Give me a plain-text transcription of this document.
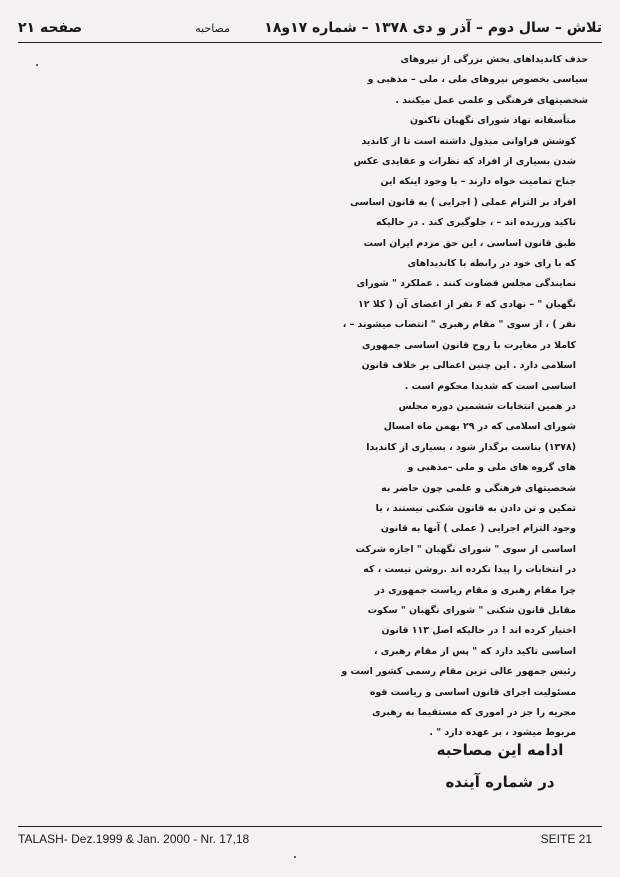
تلاش – سال دوم – آذر و دی ۱۳۷۸ – شماره ۱۷و۱۸
مصاحبه
صفحه ۲۱

حذف کاندیداهای بخش بزرگی از نیروهای
سیاسی بخصوص نیروهای ملی ، ملی – مذهبی و
شخصیتهای فرهنگی و علمی عمل میکنند .

متأسفانه نهاد شورای نگهبان تاکنون
کوشش فراوانی مبذول داشته است تا از کاندید
شدن بسیاری از افراد که نظرات و عقایدی عکس
جناح تمامیت خواه دارند – با وجود اینکه این
افراد بر التزام عملی ( اجرایی ) به قانون اساسی
تاکید ورزیده اند – ، جلوگیری کند . در حالیکه
طبق قانون اساسی ، این حق مردم ایران است
که با رای خود در رابطه با کاندیداهای
نمایندگی مجلس قضاوت کنند . عملکرد " شورای
نگهبان " – نهادی که ۶ نفر از اعضای آن ( کلا ۱۲
نفر ) ، از سوی " مقام رهبری " انتصاب میشوند – ،
کاملا در مغایرت با روح قانون اساسی جمهوری
اسلامی دارد . این چنین اعمالی بر خلاف قانون
اساسی است که شدیدا محکوم است .

در همین انتخابات ششمین دوره مجلس
شورای اسلامی که در ۲۹ بهمن ماه امسال
(۱۳۷۸) بناست برگذار شود ، بسیاری از کاندیدا
های گروه های ملی و ملی –مذهبی و
شخصیتهای فرهنگی و علمی چون حاضر به
تمکین و تن دادن به قانون شکنی نیستند ، با
وجود التزام اجرایی ( عملی ) آنها به قانون
اساسی از سوی " شورای نگهبان " اجازه شرکت
در انتخابات را پیدا نکرده اند .روشن نیست ، که
چرا مقام رهبری و مقام ریاست جمهوری در
مقابل قانون شکنی " شورای نگهبان " سکوت
اختیار کرده اند ! در حالیکه اصل ۱۱۳ قانون
اساسی تاکید دارد که " پس از مقام رهبری ،
رئیس جمهور عالی ترین مقام رسمی کشور است و
مسئولیت اجرای قانون اساسی و ریاست قوه
مجریه را جز در اموری که مستقیما به رهبری
مربوط میشود ، بر عهده دارد " .

ادامه این مصاحبه
در شماره آینده
TALASH- Dez.1999 & Jan. 2000 - Nr. 17,18	SEITE 21
